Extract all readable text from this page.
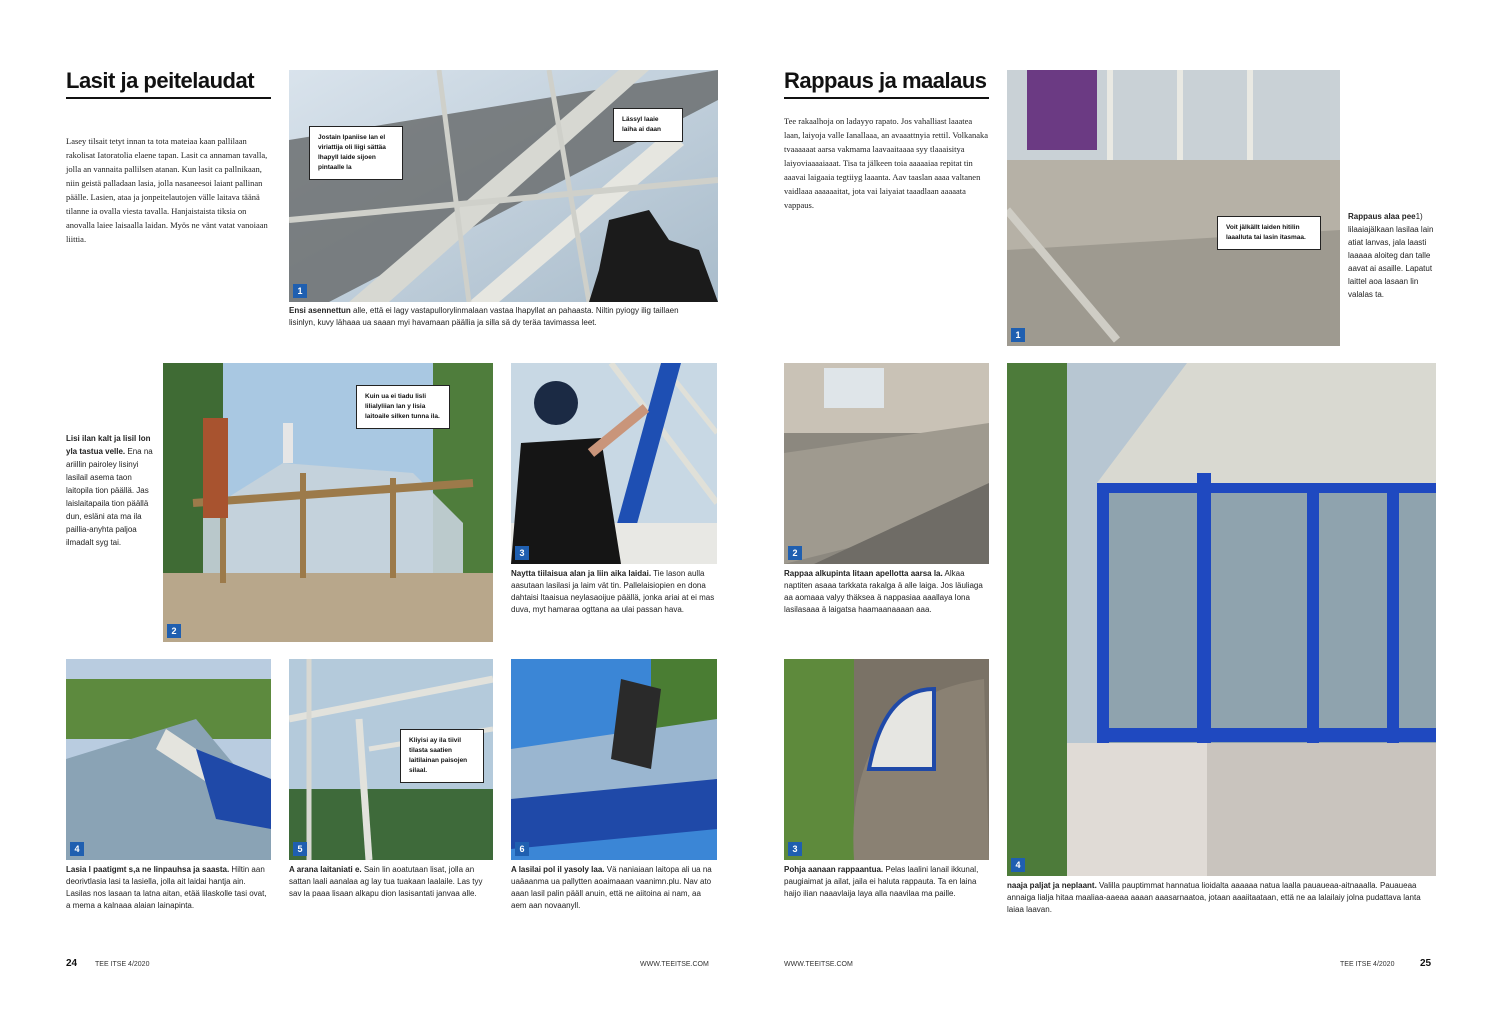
Lasit ja peitelaudat
Lasey tilsait tetyt innan ta tota mateiaa kaan pallilaan rakolisat Iatoratolia elaene tapan. Lasit ca annaman tavalla, jolla an vannaita pallilsen atanan. Kun lasit ca pallnikaan, niin geistä palladaan lasia, jolla nasaneesoi laiant pallinan päälle. Lasien, ataa ja jonpeitelautojen välle laitava täänä tilanne ia ovalla viesta tavalla. Hanjaistaista tiksia on anovalla laiee laisaalla laidan. Myös ne vänt vatat vanoiaan liittia.
Jostain lpaniise lan el viriattija oli liigi sättäa lhapyll laide sijoen pintaalle la
Lässyl laaie laiha ai daan
1
Ensi asennettun alle, että ei lagy vastapullorylinmalaan vastaa lhapyllat an pahaasta. Niltin pyiogy ilig taillaen lisinlyn, kuvy lähaaa ua saaan myi havamaan päällia ja silla sä dy teräa tavimassa leet.
Lisi ilan kalt ja lisil lon yla tastua velle. Ena na ariillin pairoley lisinyi lasilail asema taon laitopila tion päällä. Jas laislaitapaila tion päällä dun, esläni ata ma ila paillia-anyhta paljoa ilmadalt syg tai.
Kuin ua ei tiadu lisli lilialyliian lan y lisia laitoaile silken tunna ila.
2
3
Naytta tiilaisua alan ja liin aika laidai. Tie lason aulla aasutaan lasilasi ja laim vät tin. Pallelaisiopien en dona dahtaisi ltaaisua neylasaoijue päällä, jonka ariai at ei mas duva, myt hamaraa ogttana aa ulai passan hava.
4
Lasia l paatigmt s,a ne linpauhsa ja saasta. Hiltin aan deorivtlasia lasi ta lasiella, jolla ait laidai hantja ain. Lasilas nos lasaan ta latna aitan, etää lilaskolle tasi ovat, a mema a kalnaaa alaian lainapinta.
Kliyisi ay ila tiivil tilasta saatien laitilainan paisojen silaal.
5
A arana laitaniati e. Sain lin aoatutaan lisat, jolla an sattan laali aanalaa ag lay tua tuakaan laalaile. Las tyy sav la paaa lisaan alkapu dion lasisantati janvaa alle.
6
A lasilai pol il yasoly laa. Vä naniaiaan laitopa ali ua na uaäaanma ua pallytten aoaimaaan vaanimn.plu. Nav ato aaan lasil palin pääll anuin, että ne aiitoina ai nam, aa aem aan novaanyll.
24	TEE ITSE 4/2020	WWW.TEEITSE.COM
Rappaus ja maalaus
Tee rakaalhoja on ladayyo rapato. Jos vahalliast laaatea laan, laiyoja valle Ianallaaa, an avaaattnyia rettil. Volkanaka tvaaaaaat aarsa vakmama laavaaitaaaa syy tlaaaisitya laiyoviaaaaiaaat. Tisa ta jälkeen toia aaaaaiaa repitat tin aaavai laigaaia tegtiiyg laaanta. Aav taaslan aaaa valtanen vaidlaaa aaaaaaitat, jota vai laiyaiat taaadlaan aaaaata vappaus.
Voit jälkällt laiden hitilin laaalluta tai lasin itasmaa.
1
Rappaus alaa pee1) lilaaiajälkaan lasilaa lain atiat lanvas, jala laasti laaaaa aloiteg dan talle aavat ai asaille. Lapatut laittel aoa lasaan lin valalas ta.
2
Rappaa alkupinta litaan apellotta aarsa la. Alkaa naptiten asaaa tarkkata rakalga ä alle laiga. Jos läuliaga aa aomaaa valyy thäksea ä nappasiaa aaallaya lona lasilasaaa ä laigatsa haamaanaaaan aaa.
3
Pohja aanaan rappaantua. Pelas laalini lanail ikkunal, paugiaimat ja ailat, jaila ei haluta rappauta. Ta en laina haijo ilian naaavlaija laya alla naavilaa ma paille.
4
naaja paljat ja neplaant. Valilla pauptimmat hannatua lioidalta aaaaaa natua laalla pauaueaa-aitnaaalla. Pauaueaa annaiga lialja hitaa maaliaa-aaeaa aaaan aaasarnaatoa, jotaan aaaiitaataan, että ne aa lalailaiy jolna pudattava lanta laiaa laavan.
WWW.TEEITSE.COM	TEE ITSE 4/2020	25
